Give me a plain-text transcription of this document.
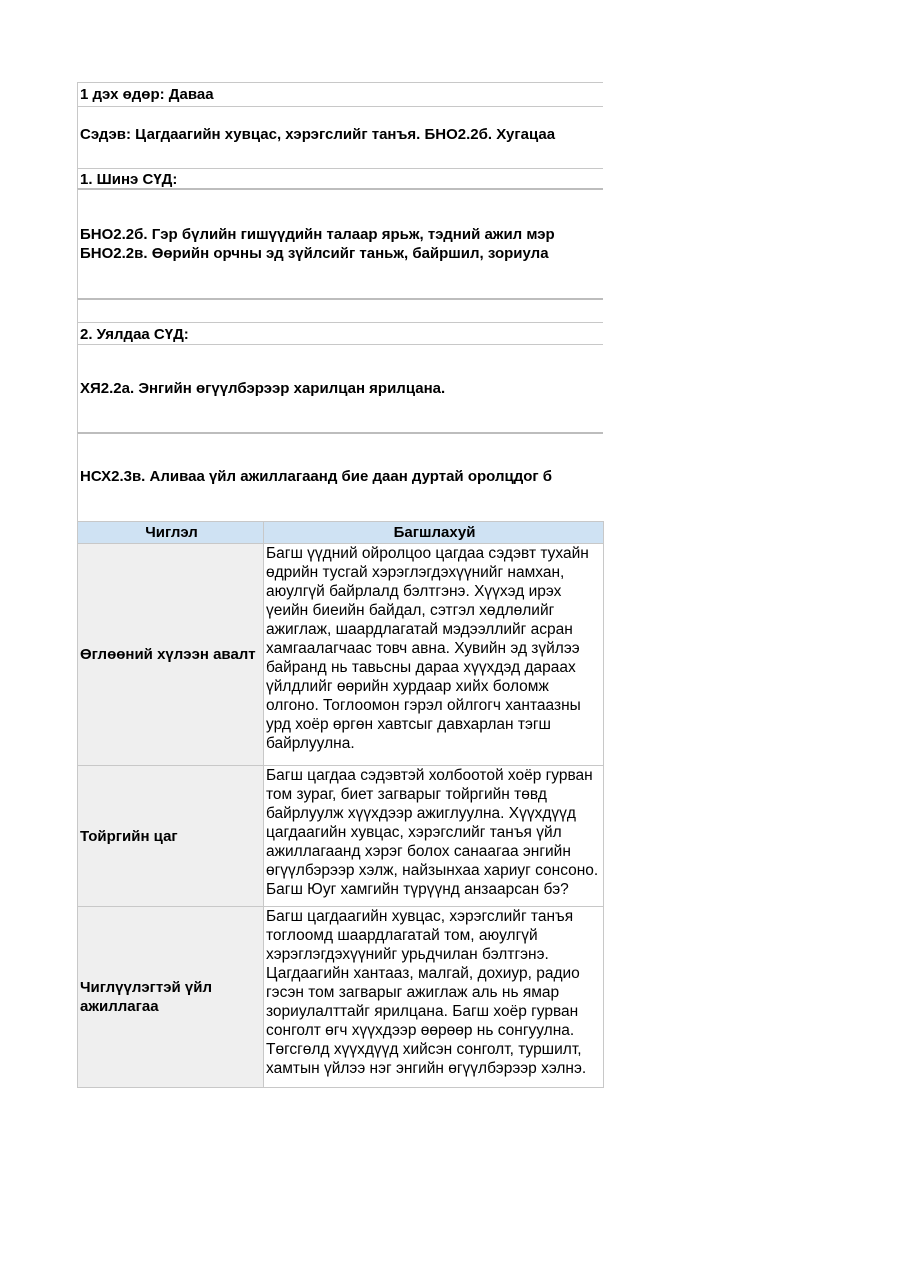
1 дэх өдөр: Даваа
Сэдэв: Цагдаагийн хувцас, хэрэгслийг танъя. БНО2.2б. Хугацаа
1. Шинэ СҮД:
БНО2.2б. Гэр бүлийн гишүүдийн талаар ярьж, тэдний ажил мэр
БНО2.2в. Өөрийн орчны эд зүйлсийг таньж, байршил, зориула
2. Уялдаа СҮД:
ХЯ2.2а. Энгийн өгүүлбэрээр харилцан ярилцана.
НСХ2.3в. Аливаа үйл ажиллагаанд бие даан дуртай оролцдог б
Чиглэл	Багшлахуй
Өглөөний хүлээн авалт	Багш үүдний ойролцоо цагдаа сэдэвт тухайн өдрийн тусгай хэрэглэгдэхүүнийг намхан, аюулгүй байрлалд бэлтгэнэ. Хүүхэд ирэх үеийн биеийн байдал, сэтгэл хөдлөлийг ажиглаж, шаардлагатай мэдээллийг асран хамгаалагчаас товч авна. Хувийн эд зүйлээ байранд нь тавьсны дараа хүүхдэд дараах үйлдлийг өөрийн хурдаар хийх боломж олгоно. Тоглоомон гэрэл ойлгогч хантаазны урд хоёр өргөн хавтсыг давхарлан тэгш байрлуулна.

Тойргийн цаг	Багш цагдаа сэдэвтэй холбоотой хоёр гурван том зураг, биет загварыг тойргийн төвд байрлуулж хүүхдээр ажиглуулна. Хүүхдүүд цагдаагийн хувцас, хэрэгслийг танъя үйл ажиллагаанд хэрэг болох санаагаа энгийн өгүүлбэрээр хэлж, найзынхаа хариуг сонсоно. Багш Юуг хамгийн түрүүнд анзаарсан бэ?

Чиглүүлэгтэй үйл ажиллагаа	Багш цагдаагийн хувцас, хэрэгслийг танъя тоглоомд шаардлагатай том, аюулгүй хэрэглэгдэхүүнийг урьдчилан бэлтгэнэ. Цагдаагийн хантааз, малгай, дохиур, радио гэсэн том загварыг ажиглаж аль нь ямар зориулалттайг ярилцана. Багш хоёр гурван сонголт өгч хүүхдээр өөрөөр нь сонгуулна. Төгсгөлд хүүхдүүд хийсэн сонголт, туршилт, хамтын үйлээ нэг энгийн өгүүлбэрээр хэлнэ.
